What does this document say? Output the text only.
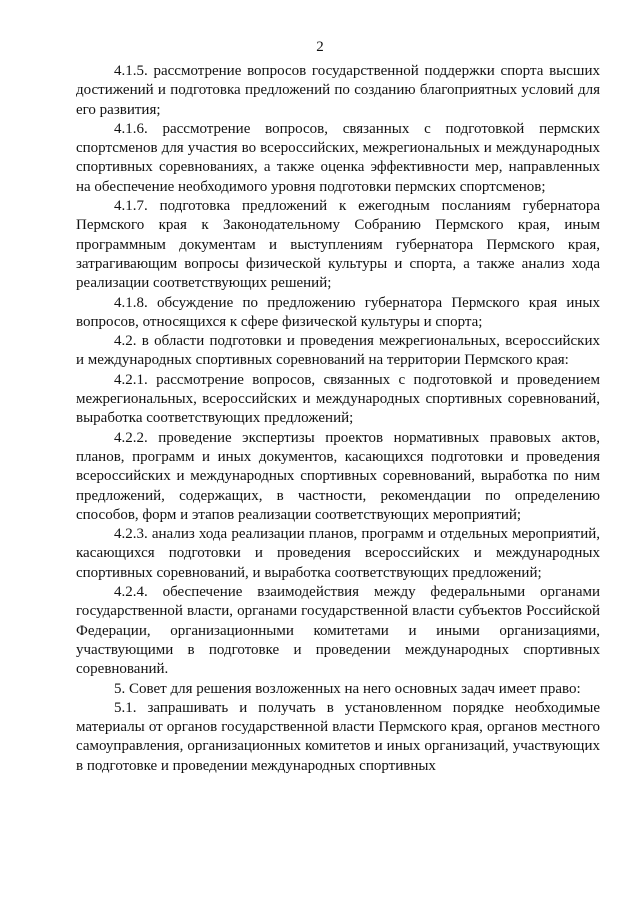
2

4.1.5. рассмотрение вопросов государственной поддержки спорта высших достижений и подготовка предложений по созданию благоприятных условий для его развития;

4.1.6. рассмотрение вопросов, связанных с подготовкой пермских спортсменов для участия во всероссийских, межрегиональных и международных спортивных соревнованиях, а также оценка эффективности мер, направленных на обеспечение необходимого уровня подготовки пермских спортсменов;

4.1.7. подготовка предложений к ежегодным посланиям губернатора Пермского края к Законодательному Собранию Пермского края, иным программным документам и выступлениям губернатора Пермского края, затрагивающим вопросы физической культуры и спорта, а также анализ хода реализации соответствующих решений;

4.1.8. обсуждение по предложению губернатора Пермского края иных вопросов, относящихся к сфере физической культуры и спорта;

4.2. в области подготовки и проведения межрегиональных, всероссийских и международных спортивных соревнований на территории Пермского края:

4.2.1. рассмотрение вопросов, связанных с подготовкой и проведением межрегиональных, всероссийских и международных спортивных соревнований, выработка соответствующих предложений;

4.2.2. проведение экспертизы проектов нормативных правовых актов, планов, программ и иных документов, касающихся подготовки и проведения всероссийских и международных спортивных соревнований, выработка по ним предложений, содержащих, в частности, рекомендации по определению способов, форм и этапов реализации соответствующих мероприятий;

4.2.3. анализ хода реализации планов, программ и отдельных мероприятий, касающихся подготовки и проведения всероссийских и международных спортивных соревнований, и выработка соответствующих предложений;

4.2.4. обеспечение взаимодействия между федеральными органами государственной власти, органами государственной власти субъектов Российской Федерации, организационными комитетами и иными организациями, участвующими в подготовке и проведении международных спортивных соревнований.

5. Совет для решения возложенных на него основных задач имеет право:

5.1. запрашивать и получать в установленном порядке необходимые материалы от органов государственной власти Пермского края, органов местного самоуправления, организационных комитетов и иных организаций, участвующих в подготовке и проведении международных спортивных
